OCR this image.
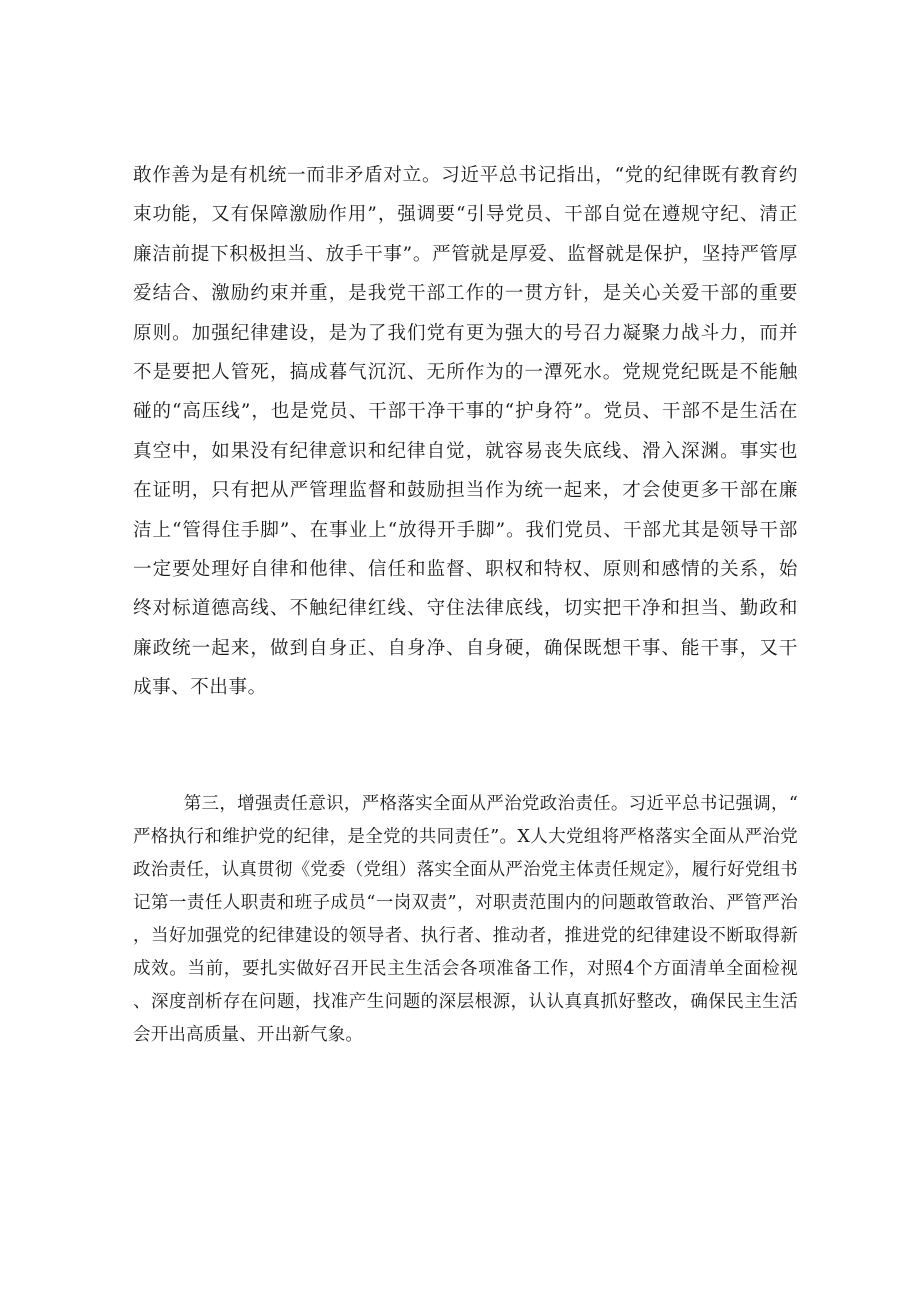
敢作善为是有机统一而非矛盾对立。习近平总书记指出，“党的纪律既有教育约束功能，又有保障激励作用”，强调要“引导党员、干部自觉在遵规守纪、清正廉洁前提下积极担当、放手干事”。严管就是厚爱、监督就是保护，坚持严管厚爱结合、激励约束并重，是我党干部工作的一贯方针，是关心关爱干部的重要原则。加强纪律建设，是为了我们党有更为强大的号召力凝聚力战斗力，而并不是要把人管死，搞成暮气沉沉、无所作为的一潭死水。党规党纪既是不能触碰的“高压线”，也是党员、干部干净干事的“护身符”。党员、干部不是生活在真空中，如果没有纪律意识和纪律自觉，就容易丧失底线、滑入深渊。事实也在证明，只有把从严管理监督和鼓励担当作为统一起来，才会使更多干部在廉洁上“管得住手脚”、在事业上“放得开手脚”。我们党员、干部尤其是领导干部一定要处理好自律和他律、信任和监督、职权和特权、原则和感情的关系，始终对标道德高线、不触纪律红线、守住法律底线，切实把干净和担当、勤政和廉政统一起来，做到自身正、自身净、自身硬，确保既想干事、能干事，又干成事、不出事。

第三，增强责任意识，严格落实全面从严治党政治责任。习近平总书记强调，“严格执行和维护党的纪律，是全党的共同责任”。X人大党组将严格落实全面从严治党政治责任，认真贯彻《党委（党组）落实全面从严治党主体责任规定》，履行好党组书记第一责任人职责和班子成员“一岗双责”，对职责范围内的问题敢管敢治、严管严治，当好加强党的纪律建设的领导者、执行者、推动者，推进党的纪律建设不断取得新成效。当前，要扎实做好召开民主生活会各项准备工作，对照4个方面清单全面检视、深度剖析存在问题，找准产生问题的深层根源，认认真真抓好整改，确保民主生活会开出高质量、开出新气象。
